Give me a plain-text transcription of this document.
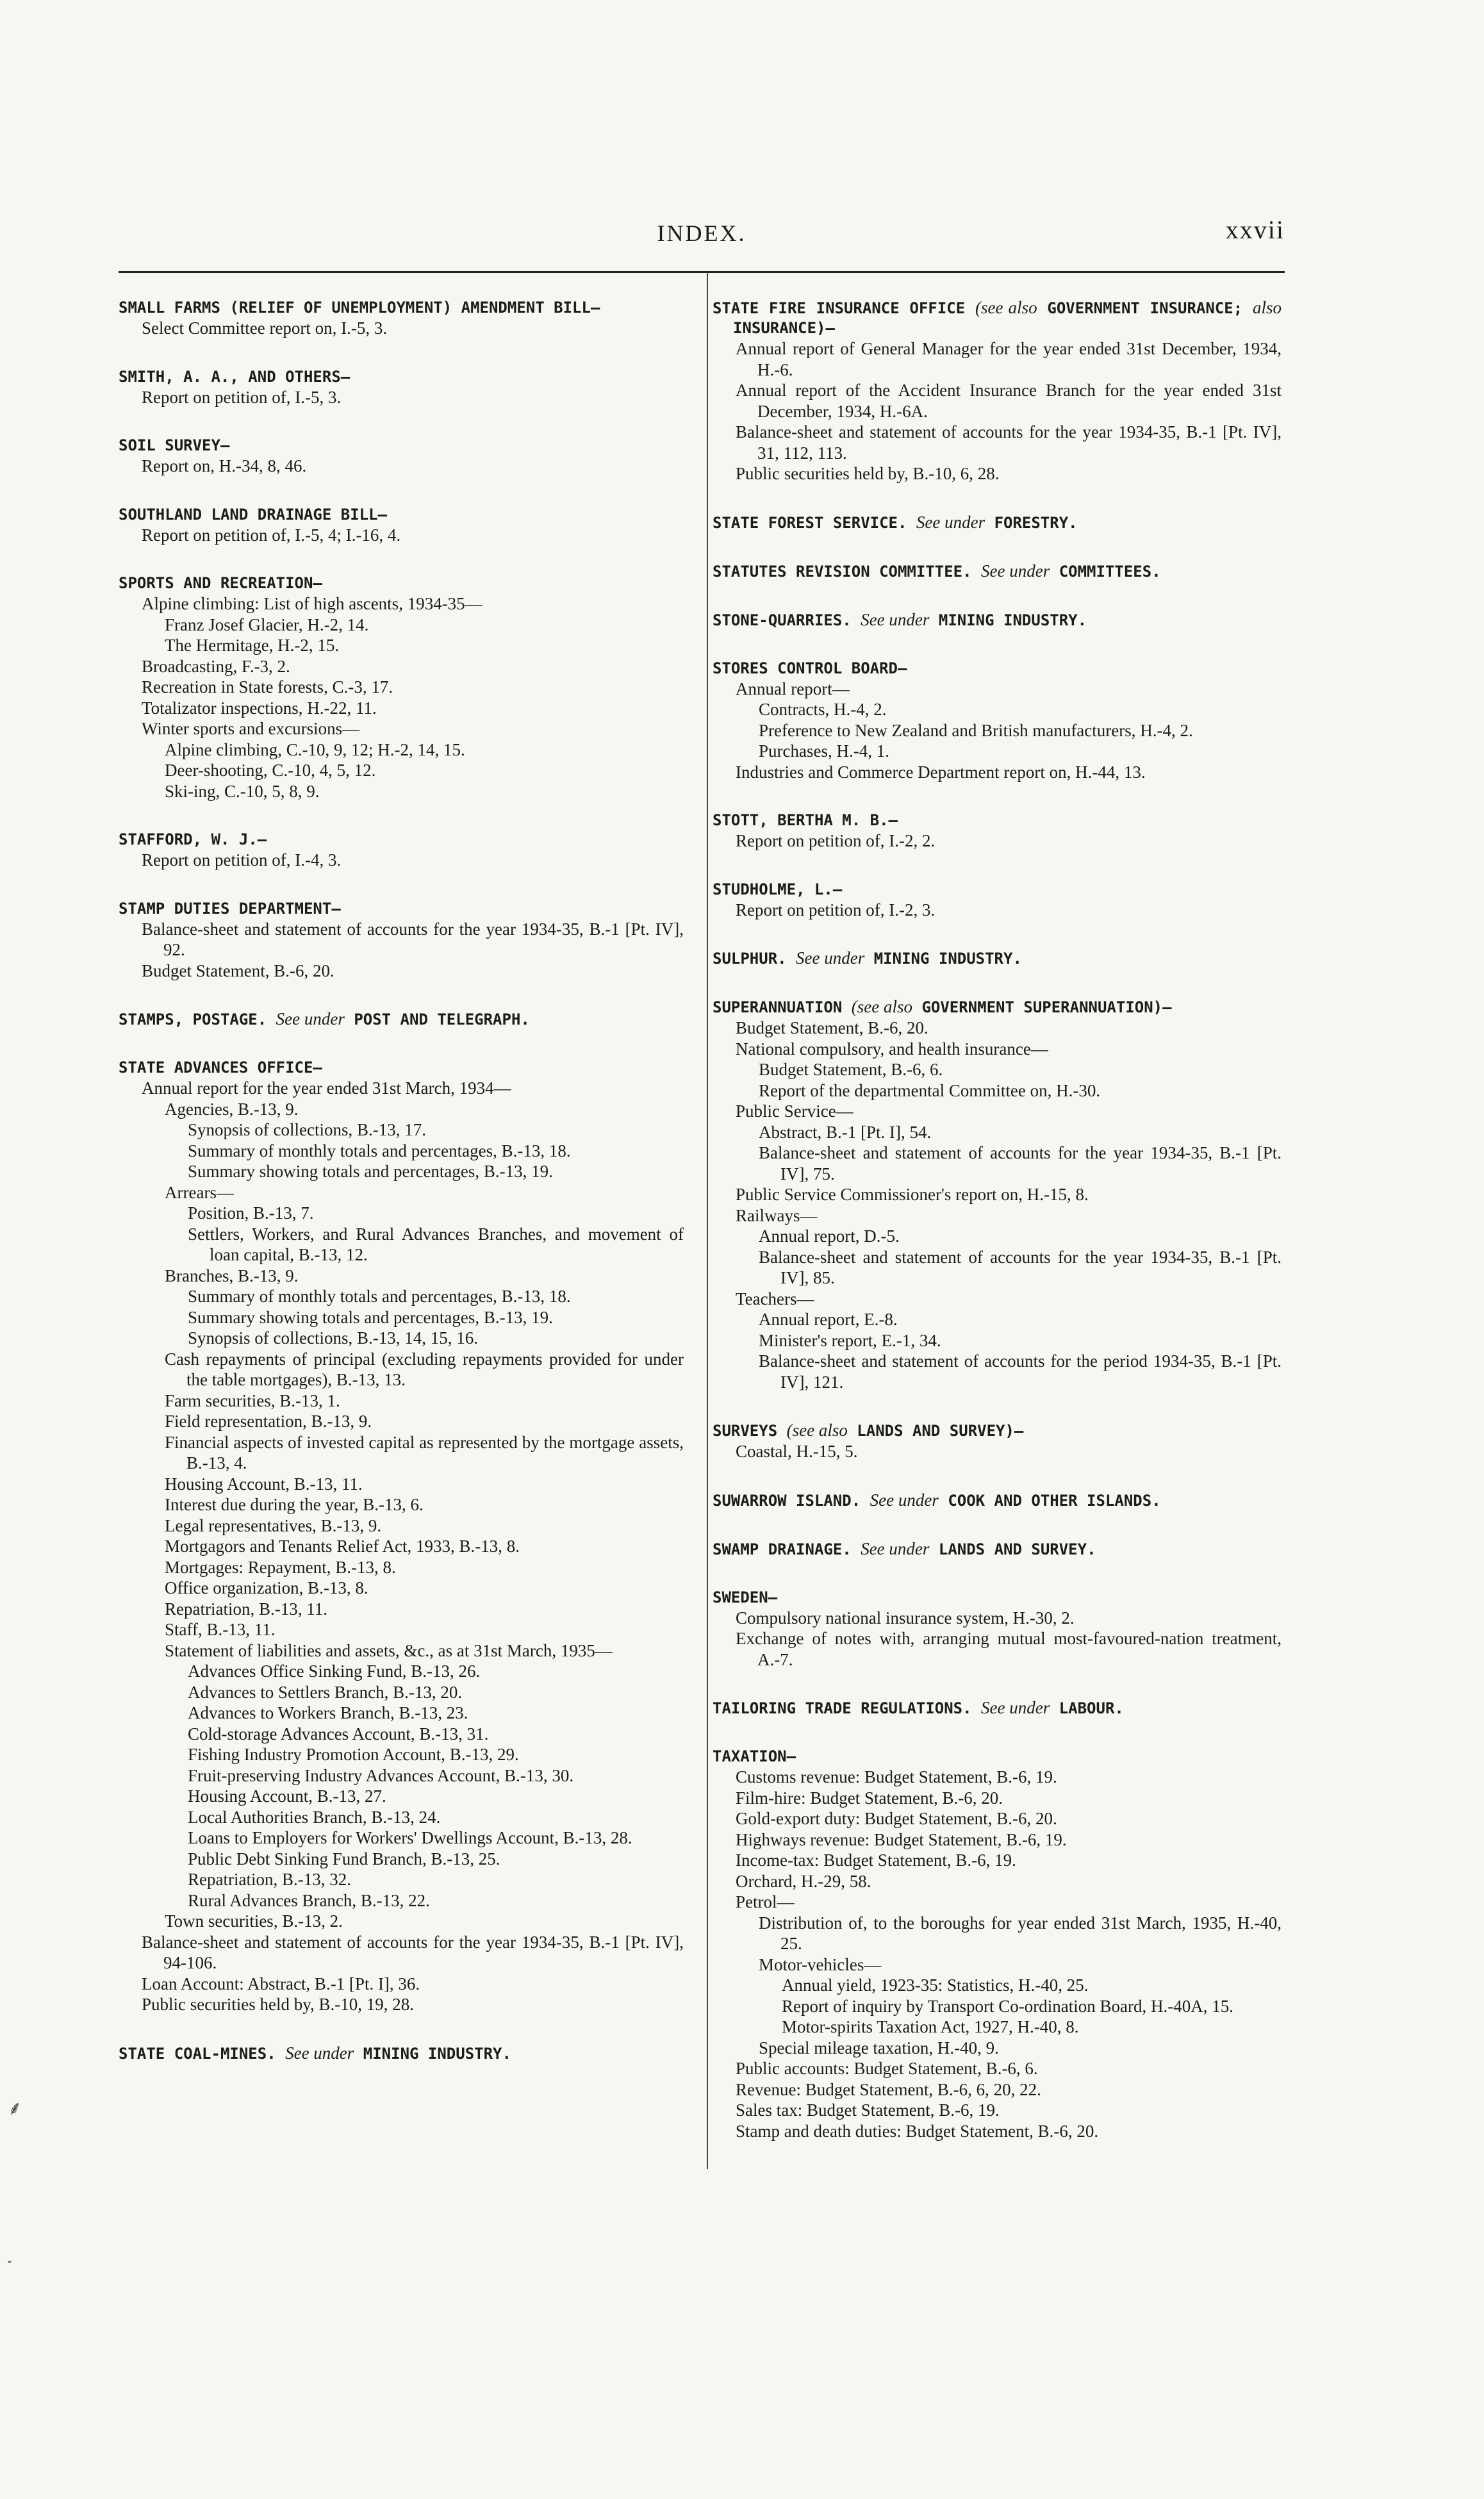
INDEX.	xxvii
SMALL FARMS (RELIEF OF UNEMPLOYMENT) AMENDMENT BILL—
Select Committee report on, I.-5, 3.
SMITH, A. A., AND OTHERS—
Report on petition of, I.-5, 3.
SOIL SURVEY—
Report on, H.-34, 8, 46.
SOUTHLAND LAND DRAINAGE BILL—
Report on petition of, I.-5, 4; I.-16, 4.
SPORTS AND RECREATION—
Alpine climbing: List of high ascents, 1934-35—
Franz Josef Glacier, H.-2, 14.
The Hermitage, H.-2, 15.
Broadcasting, F.-3, 2.
Recreation in State forests, C.-3, 17.
Totalizator inspections, H.-22, 11.
Winter sports and excursions—
Alpine climbing, C.-10, 9, 12; H.-2, 14, 15.
Deer-shooting, C.-10, 4, 5, 12.
Ski-ing, C.-10, 5, 8, 9.
STAFFORD, W. J.—
Report on petition of, I.-4, 3.
STAMP DUTIES DEPARTMENT—
Balance-sheet and statement of accounts for the year 1934-35, B.-1 [Pt. IV], 92.
Budget Statement, B.-6, 20.
STAMPS, POSTAGE. See under POST AND TELEGRAPH.
STATE ADVANCES OFFICE—
Annual report for the year ended 31st March, 1934—
Agencies, B.-13, 9.
Synopsis of collections, B.-13, 17.
Summary of monthly totals and percentages, B.-13, 18.
Summary showing totals and percentages, B.-13, 19.
Arrears—
Position, B.-13, 7.
Settlers, Workers, and Rural Advances Branches, and movement of loan capital, B.-13, 12.
Branches, B.-13, 9.
Summary of monthly totals and percentages, B.-13, 18.
Summary showing totals and percentages, B.-13, 19.
Synopsis of collections, B.-13, 14, 15, 16.
Cash repayments of principal (excluding repayments provided for under the table mortgages), B.-13, 13.
Farm securities, B.-13, 1.
Field representation, B.-13, 9.
Financial aspects of invested capital as represented by the mortgage assets, B.-13, 4.
Housing Account, B.-13, 11.
Interest due during the year, B.-13, 6.
Legal representatives, B.-13, 9.
Mortgagors and Tenants Relief Act, 1933, B.-13, 8.
Mortgages: Repayment, B.-13, 8.
Office organization, B.-13, 8.
Repatriation, B.-13, 11.
Staff, B.-13, 11.
Statement of liabilities and assets, &c., as at 31st March, 1935—
Advances Office Sinking Fund, B.-13, 26.
Advances to Settlers Branch, B.-13, 20.
Advances to Workers Branch, B.-13, 23.
Cold-storage Advances Account, B.-13, 31.
Fishing Industry Promotion Account, B.-13, 29.
Fruit-preserving Industry Advances Account, B.-13, 30.
Housing Account, B.-13, 27.
Local Authorities Branch, B.-13, 24.
Loans to Employers for Workers' Dwellings Account, B.-13, 28.
Public Debt Sinking Fund Branch, B.-13, 25.
Repatriation, B.-13, 32.
Rural Advances Branch, B.-13, 22.
Town securities, B.-13, 2.
Balance-sheet and statement of accounts for the year 1934-35, B.-1 [Pt. IV], 94-106.
Loan Account: Abstract, B.-1 [Pt. I], 36.
Public securities held by, B.-10, 19, 28.
STATE COAL-MINES. See under MINING INDUSTRY.
STATE FIRE INSURANCE OFFICE (see also GOVERNMENT INSURANCE; also INSURANCE)—
Annual report of General Manager for the year ended 31st December, 1934, H.-6.
Annual report of the Accident Insurance Branch for the year ended 31st December, 1934, H.-6A.
Balance-sheet and statement of accounts for the year 1934-35, B.-1 [Pt. IV], 31, 112, 113.
Public securities held by, B.-10, 6, 28.
STATE FOREST SERVICE. See under FORESTRY.
STATUTES REVISION COMMITTEE. See under COMMITTEES.
STONE-QUARRIES. See under MINING INDUSTRY.
STORES CONTROL BOARD—
Annual report—
Contracts, H.-4, 2.
Preference to New Zealand and British manufacturers, H.-4, 2.
Purchases, H.-4, 1.
Industries and Commerce Department report on, H.-44, 13.
STOTT, BERTHA M. B.—
Report on petition of, I.-2, 2.
STUDHOLME, L.—
Report on petition of, I.-2, 3.
SULPHUR. See under MINING INDUSTRY.
SUPERANNUATION (see also GOVERNMENT SUPERANNUATION)—
Budget Statement, B.-6, 20.
National compulsory, and health insurance—
Budget Statement, B.-6, 6.
Report of the departmental Committee on, H.-30.
Public Service—
Abstract, B.-1 [Pt. I], 54.
Balance-sheet and statement of accounts for the year 1934-35, B.-1 [Pt. IV], 75.
Public Service Commissioner's report on, H.-15, 8.
Railways—
Annual report, D.-5.
Balance-sheet and statement of accounts for the year 1934-35, B.-1 [Pt. IV], 85.
Teachers—
Annual report, E.-8.
Minister's report, E.-1, 34.
Balance-sheet and statement of accounts for the period 1934-35, B.-1 [Pt. IV], 121.
SURVEYS (see also LANDS AND SURVEY)—
Coastal, H.-15, 5.
SUWARROW ISLAND. See under COOK AND OTHER ISLANDS.
SWAMP DRAINAGE. See under LANDS AND SURVEY.
SWEDEN—
Compulsory national insurance system, H.-30, 2.
Exchange of notes with, arranging mutual most-favoured-nation treatment, A.-7.
TAILORING TRADE REGULATIONS. See under LABOUR.
TAXATION—
Customs revenue: Budget Statement, B.-6, 19.
Film-hire: Budget Statement, B.-6, 20.
Gold-export duty: Budget Statement, B.-6, 20.
Highways revenue: Budget Statement, B.-6, 19.
Income-tax: Budget Statement, B.-6, 19.
Orchard, H.-29, 58.
Petrol—
Distribution of, to the boroughs for year ended 31st March, 1935, H.-40, 25.
Motor-vehicles—
Annual yield, 1923-35: Statistics, H.-40, 25.
Report of inquiry by Transport Co-ordination Board, H.-40A, 15.
Motor-spirits Taxation Act, 1927, H.-40, 8.
Special mileage taxation, H.-40, 9.
Public accounts: Budget Statement, B.-6, 6.
Revenue: Budget Statement, B.-6, 6, 20, 22.
Sales tax: Budget Statement, B.-6, 19.
Stamp and death duties: Budget Statement, B.-6, 20.
⸙
˯
